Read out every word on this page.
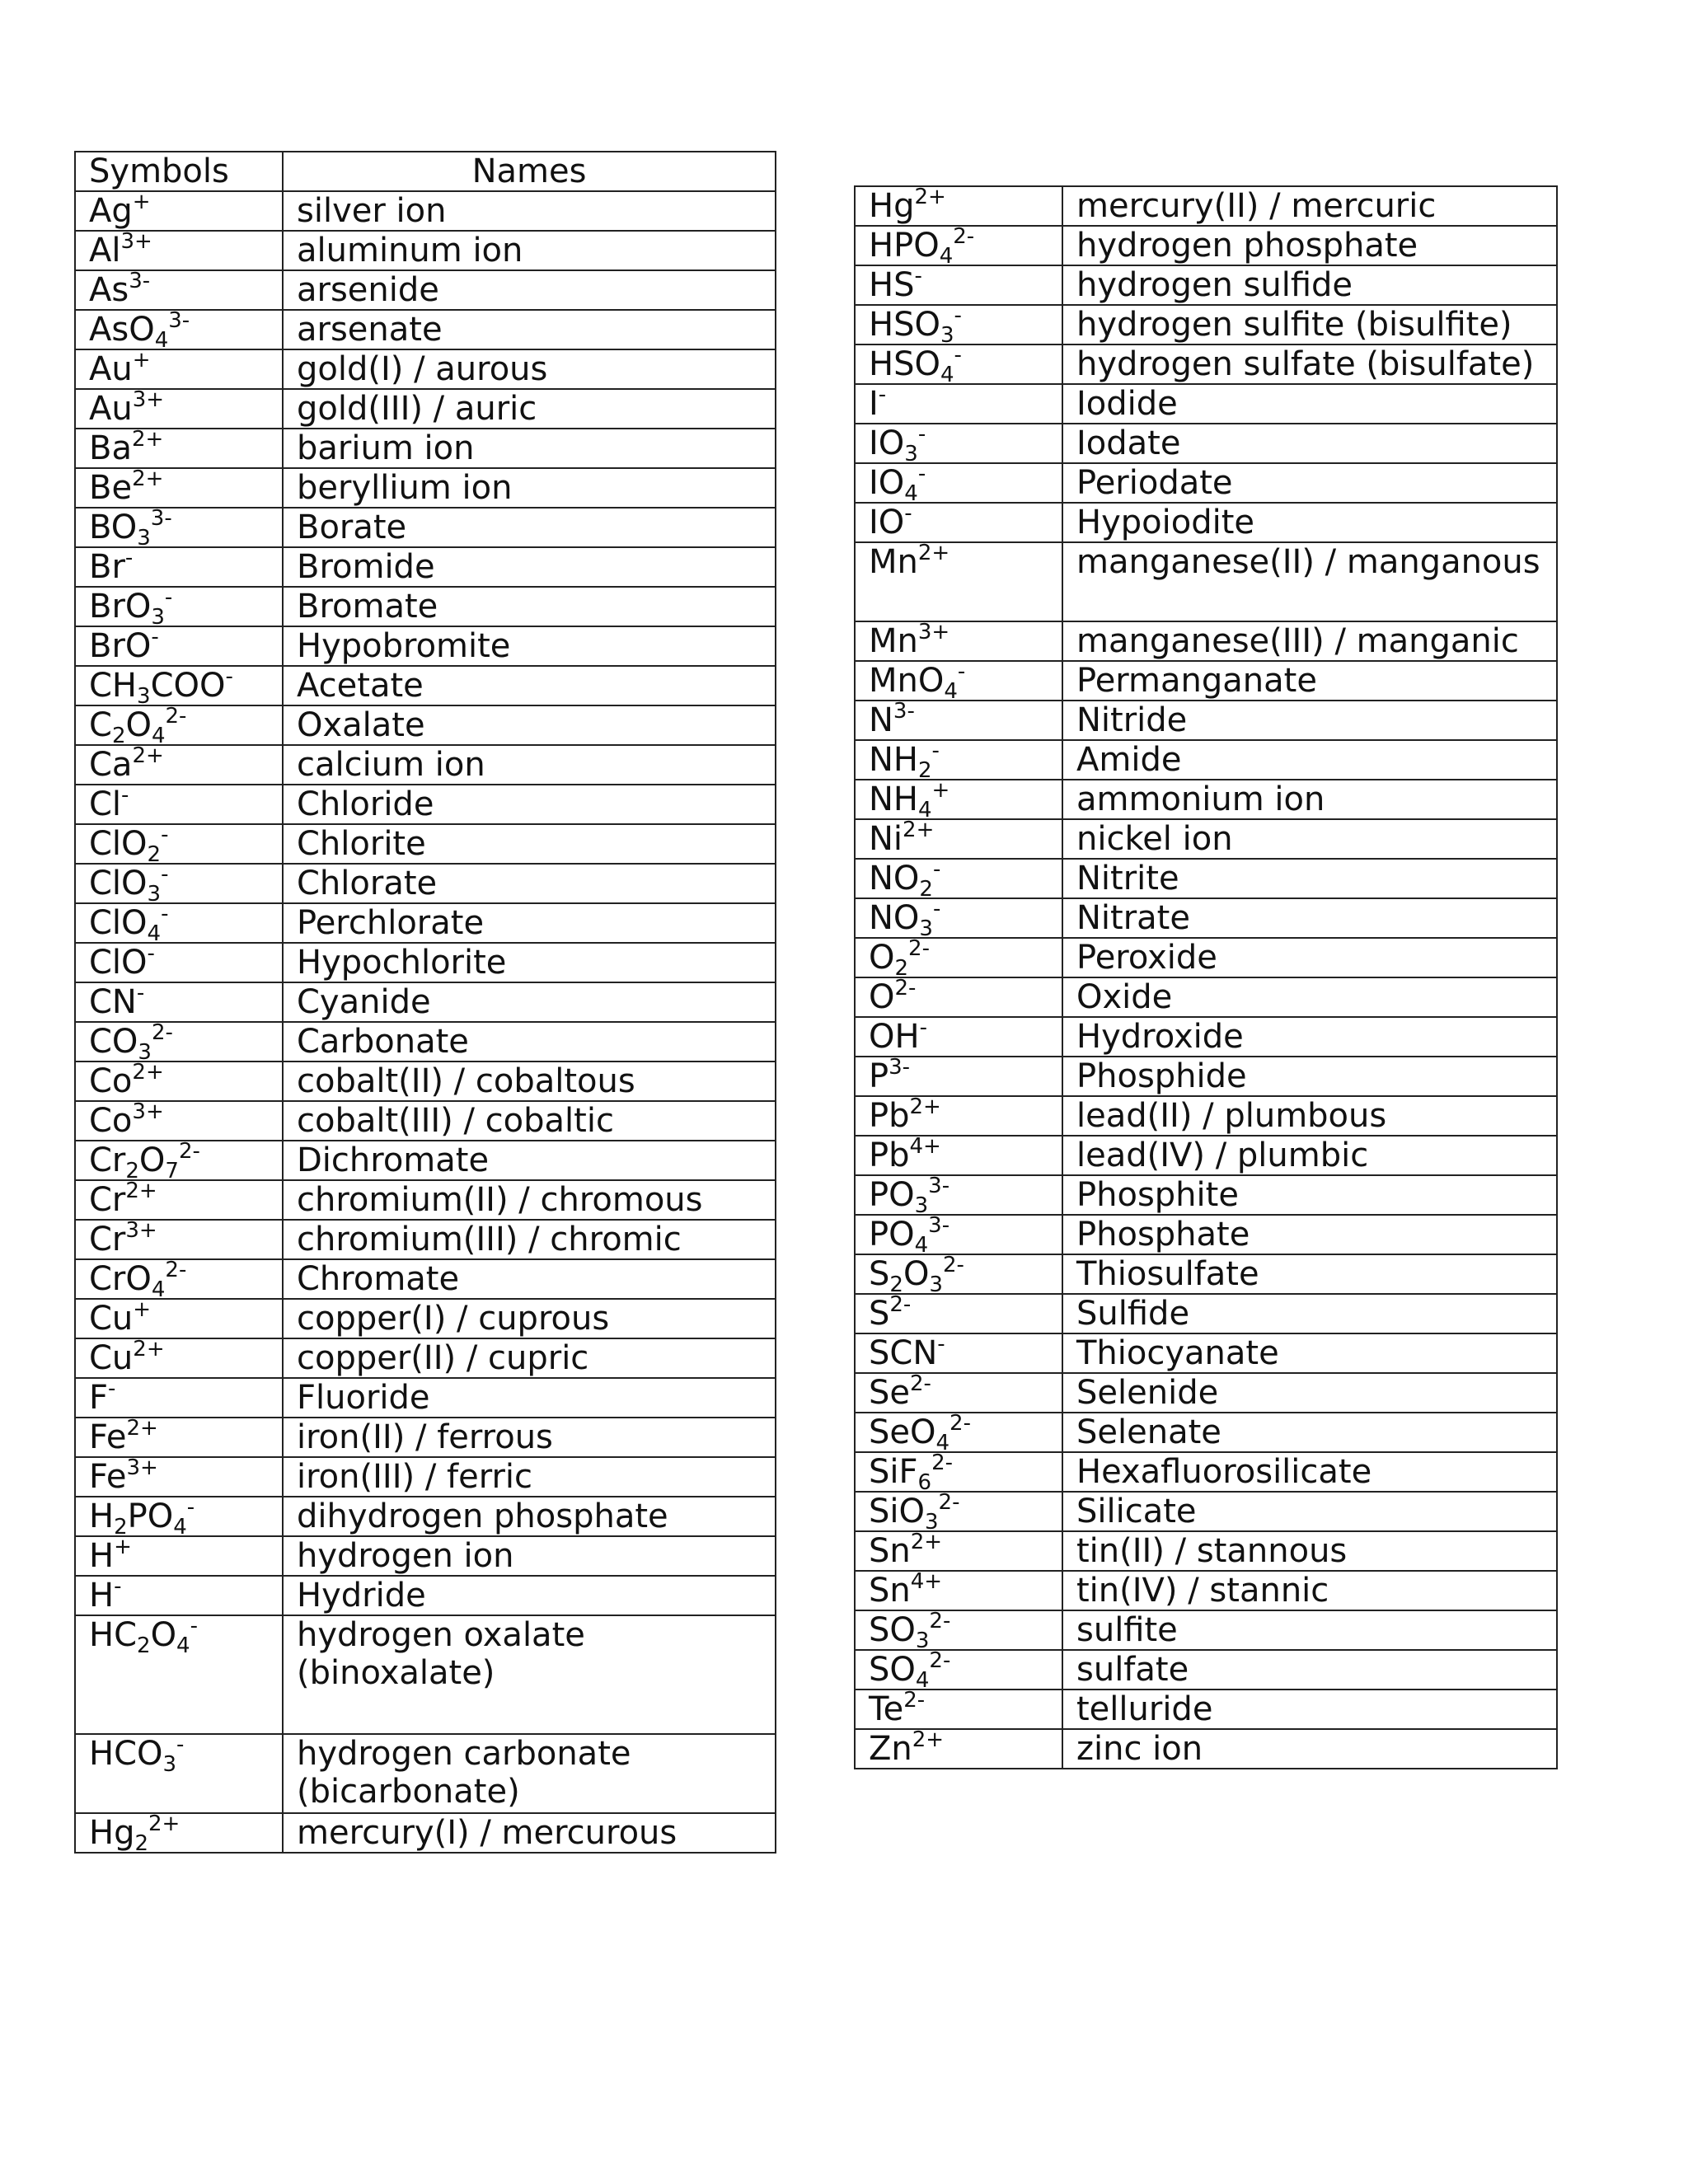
Symbols	Names
Ag+	silver ion
$Al^{3+}$	aluminum ion
$As^{3-}$	arsenide
AsO$_4^{3-}$	arsenate
Au+	gold(I) / aurous
$Au^{3+}$	gold(III) / auric
$Ba^{2+}$	barium ion
$Be^{2+}$	beryllium ion
$BO_3^{3-}$	Borate
Br-	Bromide
BrO$_3$-	Bromate
BrO-	Hypobromite
$CH_3COO^-$	Acetate
$C_2O_4^{2-}$	Oxalate
$Ca^{2+}$	calcium ion
Cl-	Chloride
ClO$_2$-	Chlorite
ClO$_3$-	Chlorate
ClO$_4$-	Perchlorate
ClO-	Hypochlorite
CN-	Cyanide
$CO_3^{2-}$	Carbonate
$Co^{2+}$	cobalt(II) / cobaltous
$Co^{3+}$	cobalt(III) / cobaltic
$Cr_2O_7^{2-}$	Dichromate
$Cr^{2+}$	chromium(II) / chromous
$Cr^{3+}$	chromium(III) / chromic
CrO$_4^{2-}$	Chromate
Cu+	copper(I) / cuprous
$Cu^{2+}$	copper(II) / cupric
F-	Fluoride
$Fe^{2+}$	iron(II) / ferrous
$Fe^{3+}$	iron(III) / ferric
$H_2PO_4^-$	dihydrogen phosphate
H+	hydrogen ion
H-	Hydride
$HC_2O_4^-$	hydrogen oxalate (binoxalate)
$HCO_3^-$	hydrogen carbonate (bicarbonate)
$Hg_2^{2+}$	mercury(I) / mercurous
$Hg^{2+}$	mercury(II) / mercuric
$HPO_4^{2-}$	hydrogen phosphate
HS-	hydrogen sulfide
$HSO_3^-$	hydrogen sulfite (bisulfite)
$HSO_4^-$	hydrogen sulfate (bisulfate)
I-	Iodide
$IO_3^-$	Iodate
$IO_4^-$	Periodate
IO-	Hypoiodite
$Mn^{2+}$	manganese(II) / manganous
$Mn^{3+}$	manganese(III) / manganic
MnO$_4$-	Permanganate
$N^{3-}$	Nitride
$NH_2^-$	Amide
$NH_4^+$	ammonium ion
$Ni^{2+}$	nickel ion
$NO_2^-$	Nitrite
$NO_3^-$	Nitrate
$O_2^{2-}$	Peroxide
$O^{2-}$	Oxide
OH-	Hydroxide
$P^{3-}$	Phosphide
$Pb^{2+}$	lead(II) / plumbous
$Pb^{4+}$	lead(IV) / plumbic
$PO_3^{3-}$	Phosphite
$PO_4^{3-}$	Phosphate
$S_2O_3^{2-}$	Thiosulfate
$S^{2-}$	Sulfide
SCN-	Thiocyanate
$Se^{2-}$	Selenide
SeO$_4^{2-}$	Selenate
SiF$_6^{2-}$	Hexafluorosilicate
SiO$_3^{2-}$	Silicate
$Sn^{2+}$	tin(II) / stannous
$Sn^{4+}$	tin(IV) / stannic
$SO_3^{2-}$	sulfite
$SO_4^{2-}$	sulfate
$Te^{2-}$	telluride
$Zn^{2+}$	zinc ion
